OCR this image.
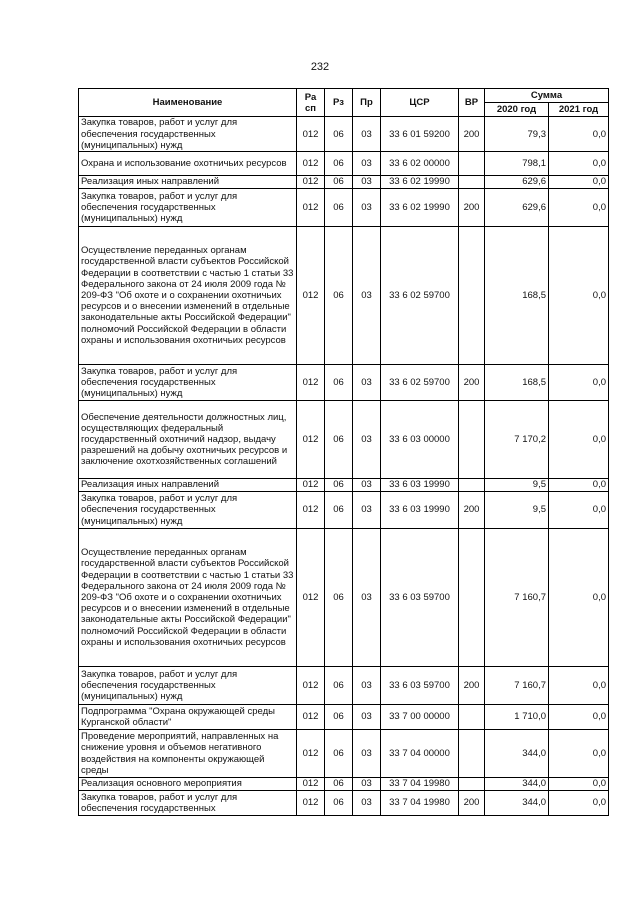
232
Наименование	Ра сп	Рз	Пр	ЦСР	ВР	Сумма	
						2020 год	2021 год
Закупка товаров, работ и услуг для обеспечения государственных (муниципальных) нужд	012	06	03	33 6 01 59200	200	79,3	0,0
Охрана и использование охотничьих ресурсов	012	06	03	33 6 02 00000		798,1	0,0
Реализация иных направлений	012	06	03	33 6 02 19990		629,6	0,0
Закупка товаров, работ и услуг для обеспечения государственных (муниципальных) нужд	012	06	03	33 6 02 19990	200	629,6	0,0
Осуществление переданных органам государственной власти субъектов Российской Федерации в соответствии с частью 1 статьи 33 Федерального закона от 24 июля 2009 года № 209-ФЗ "Об охоте и о сохранении охотничьих ресурсов и о внесении изменений в отдельные законодательные акты Российской Федерации" полномочий Российской Федерации в области охраны и использования охотничьих ресурсов	012	06	03	33 6 02 59700		168,5	0,0
Закупка товаров, работ и услуг для обеспечения государственных (муниципальных) нужд	012	06	03	33 6 02 59700	200	168,5	0,0
Обеспечение деятельности должностных лиц, осуществляющих федеральный государственный охотничий надзор, выдачу разрешений на добычу охотничьих ресурсов и заключение охотхозяйственных соглашений	012	06	03	33 6 03 00000		7 170,2	0,0
Реализация иных направлений	012	06	03	33 6 03 19990		9,5	0,0
Закупка товаров, работ и услуг для обеспечения государственных (муниципальных) нужд	012	06	03	33 6 03 19990	200	9,5	0,0
Осуществление переданных органам государственной власти субъектов Российской Федерации в соответствии с частью 1 статьи 33 Федерального закона от 24 июля 2009 года № 209-ФЗ "Об охоте и о сохранении охотничьих ресурсов и о внесении изменений в отдельные законодательные акты Российской Федерации" полномочий Российской Федерации в области охраны и использования охотничьих ресурсов	012	06	03	33 6 03 59700		7 160,7	0,0
Закупка товаров, работ и услуг для обеспечения государственных (муниципальных) нужд	012	06	03	33 6 03 59700	200	7 160,7	0,0
Подпрограмма "Охрана окружающей среды Курганской области"	012	06	03	33 7 00 00000		1 710,0	0,0
Проведение мероприятий, направленных на снижение уровня и объемов негативного воздействия на компоненты окружающей среды	012	06	03	33 7 04 00000		344,0	0,0
Реализация основного мероприятия	012	06	03	33 7 04 19980		344,0	0,0
Закупка товаров, работ и услуг для обеспечения государственных	012	06	03	33 7 04 19980	200	344,0	0,0
